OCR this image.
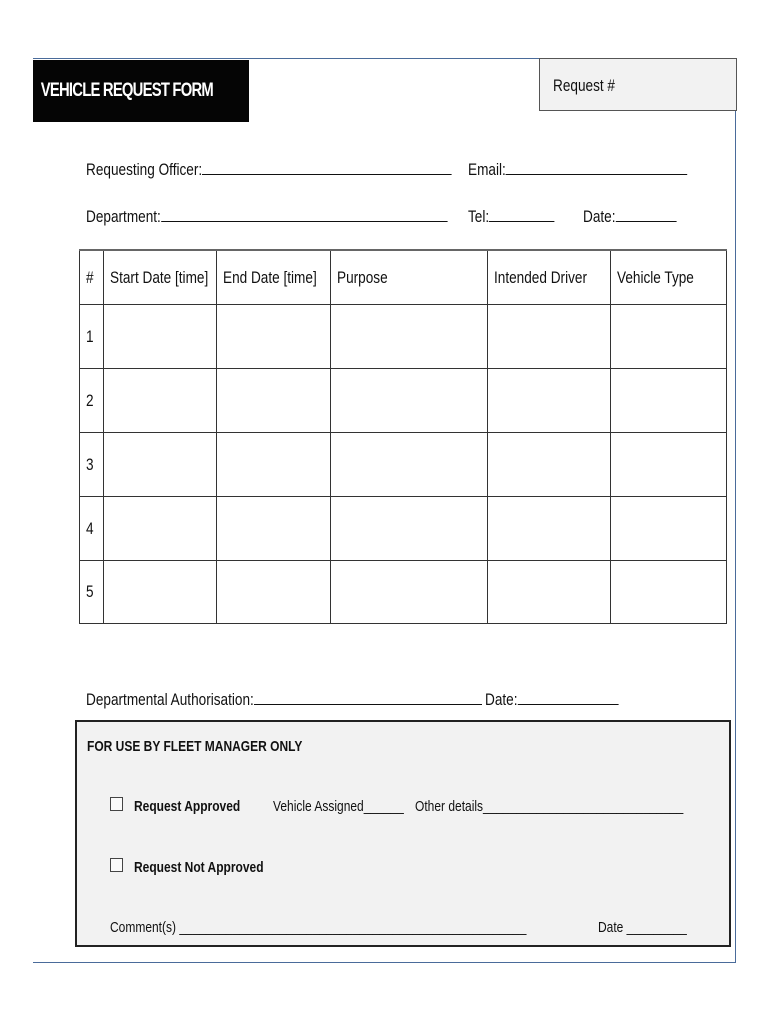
VEHICLE REQUEST FORM	Request #
Requesting Officer:	Email:
Department:	Tel:	Date:
#	Start Date [time]	End Date [time]	Purpose	Intended Driver	Vehicle Type
1					
2					
3					
4					
5					
Departmental Authorisation:	Date:
FOR USE BY FLEET MANAGER ONLY
Request Approved Vehicle Assigned______ Other details______________________________
Request Not Approved
Comment(s) ____________________________________________________	Date _________
